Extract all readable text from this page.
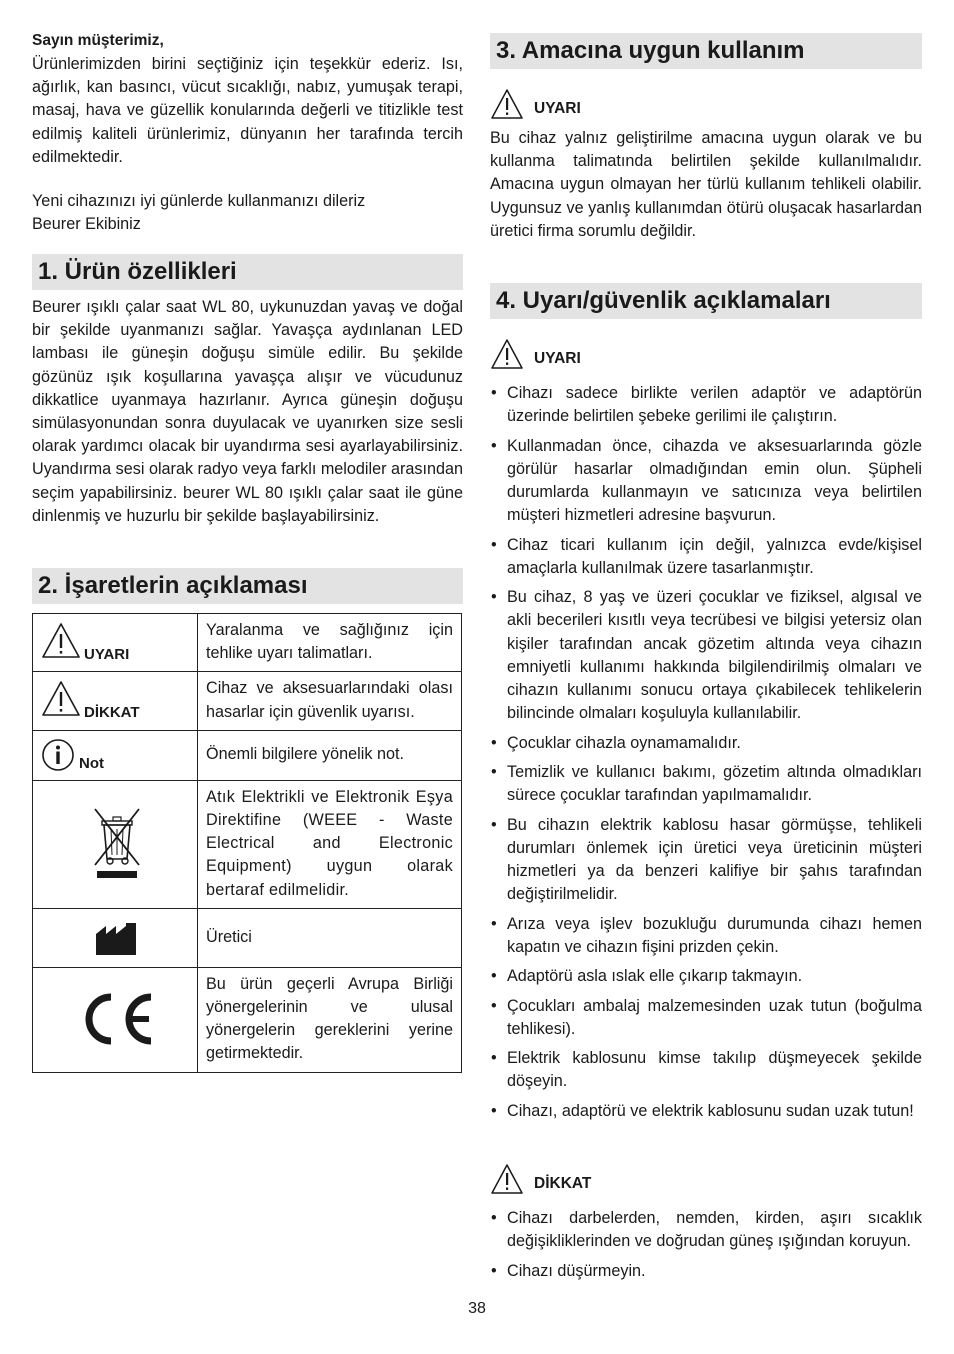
Sayın müşterimiz,

Ürünlerimizden birini seçtiğiniz için teşekkür ederiz. Isı, ağırlık, kan basıncı, vücut sıcaklığı, nabız, yumuşak terapi, masaj, hava ve güzellik konularında değerli ve titizlikle test edilmiş kaliteli ürünlerimiz, dünyanın her tarafında tercih edilmektedir.

Yeni cihazınızı iyi günlerde kullanmanızı dileriz
Beurer Ekibiniz
1. Ürün özellikleri

Beurer ışıklı çalar saat WL 80, uykunuzdan yavaş ve doğal bir şekilde uyanmanızı sağlar. Yavaşça aydınlanan LED lambası ile güneşin doğuşu simüle edilir. Bu şekilde gözünüz ışık koşullarına yavaşça alışır ve vücudunuz dikkatlice uyanmaya hazırlanır. Ayrıca güneşin doğuşu simülasyonundan sonra duyulacak ve uyanırken size sesli olarak yardımcı olacak bir uyandırma sesi ayarlayabilirsiniz. Uyandırma sesi olarak radyo veya farklı melodiler arasından seçim yapabilirsiniz. beurer WL 80 ışıklı çalar saat ile güne dinlenmiş ve huzurlu bir şekilde başlayabilirsiniz.

2. İşaretlerin açıklaması
UYARI	Yaralanma ve sağlığınız için tehlike uyarı talimatları.

DİKKAT	Cihaz ve aksesuarlarındaki olası hasarlar için güvenlik uyarısı.

Not	Önemli bilgilere yönelik not.

	Atık Elektrikli ve Elektronik Eşya Direktifine (WEEE - Waste Electrical and Electronic Equipment) uygun olarak bertaraf edilmelidir.

	Üretici

	Bu ürün geçerli Avrupa Birliği yönergelerinin ve ulusal yönergelerin gereklerini yerine getirmektedir.
3. Amacına uygun kullanım
UYARI

Bu cihaz yalnız geliştirilme amacına uygun olarak ve bu kullanma talimatında belirtilen şekilde kullanılmalıdır. Amacına uygun olmayan her türlü kullanım tehlikeli olabilir. Uygunsuz ve yanlış kullanımdan ötürü oluşacak hasarlardan üretici firma sorumlu değildir.

4. Uyarı/güvenlik açıklamaları
UYARI
• Cihazı sadece birlikte verilen adaptör ve adaptörün üzerinde belirtilen şebeke gerilimi ile çalıştırın.
• Kullanmadan önce, cihazda ve aksesuarlarında gözle görülür hasarlar olmadığından emin olun. Şüpheli durumlarda kullanmayın ve satıcınıza veya belirtilen müşteri hizmetleri adresine başvurun.
• Cihaz ticari kullanım için değil, yalnızca evde/kişisel amaçlarla kullanılmak üzere tasarlanmıştır.
• Bu cihaz, 8 yaş ve üzeri çocuklar ve fiziksel, algısal ve akli becerileri kısıtlı veya tecrübesi ve bilgisi yetersiz olan kişiler tarafından ancak gözetim altında veya cihazın emniyetli kullanımı hakkında bilgilendirilmiş olmaları ve cihazın kullanımı sonucu ortaya çıkabilecek tehlikelerin bilincinde olmaları koşuluyla kullanılabilir.
• Çocuklar cihazla oynamamalıdır.
• Temizlik ve kullanıcı bakımı, gözetim altında olmadıkları sürece çocuklar tarafından yapılmamalıdır.
• Bu cihazın elektrik kablosu hasar görmüşse, tehlikeli durumları önlemek için üretici veya üreticinin müşteri hizmetleri ya da benzeri kalifiye bir şahıs tarafından değiştirilmelidir.
• Arıza veya işlev bozukluğu durumunda cihazı hemen kapatın ve cihazın fişini prizden çekin.
• Adaptörü asla ıslak elle çıkarıp takmayın.
• Çocukları ambalaj malzemesinden uzak tutun (boğulma tehlikesi).
• Elektrik kablosunu kimse takılıp düşmeyecek şekilde döşeyin.
• Cihazı, adaptörü ve elektrik kablosunu sudan uzak tutun!
DİKKAT
• Cihazı darbelerden, nemden, kirden, aşırı sıcaklık değişikliklerinden ve doğrudan güneş ışığından koruyun.
• Cihazı düşürmeyin.
38
